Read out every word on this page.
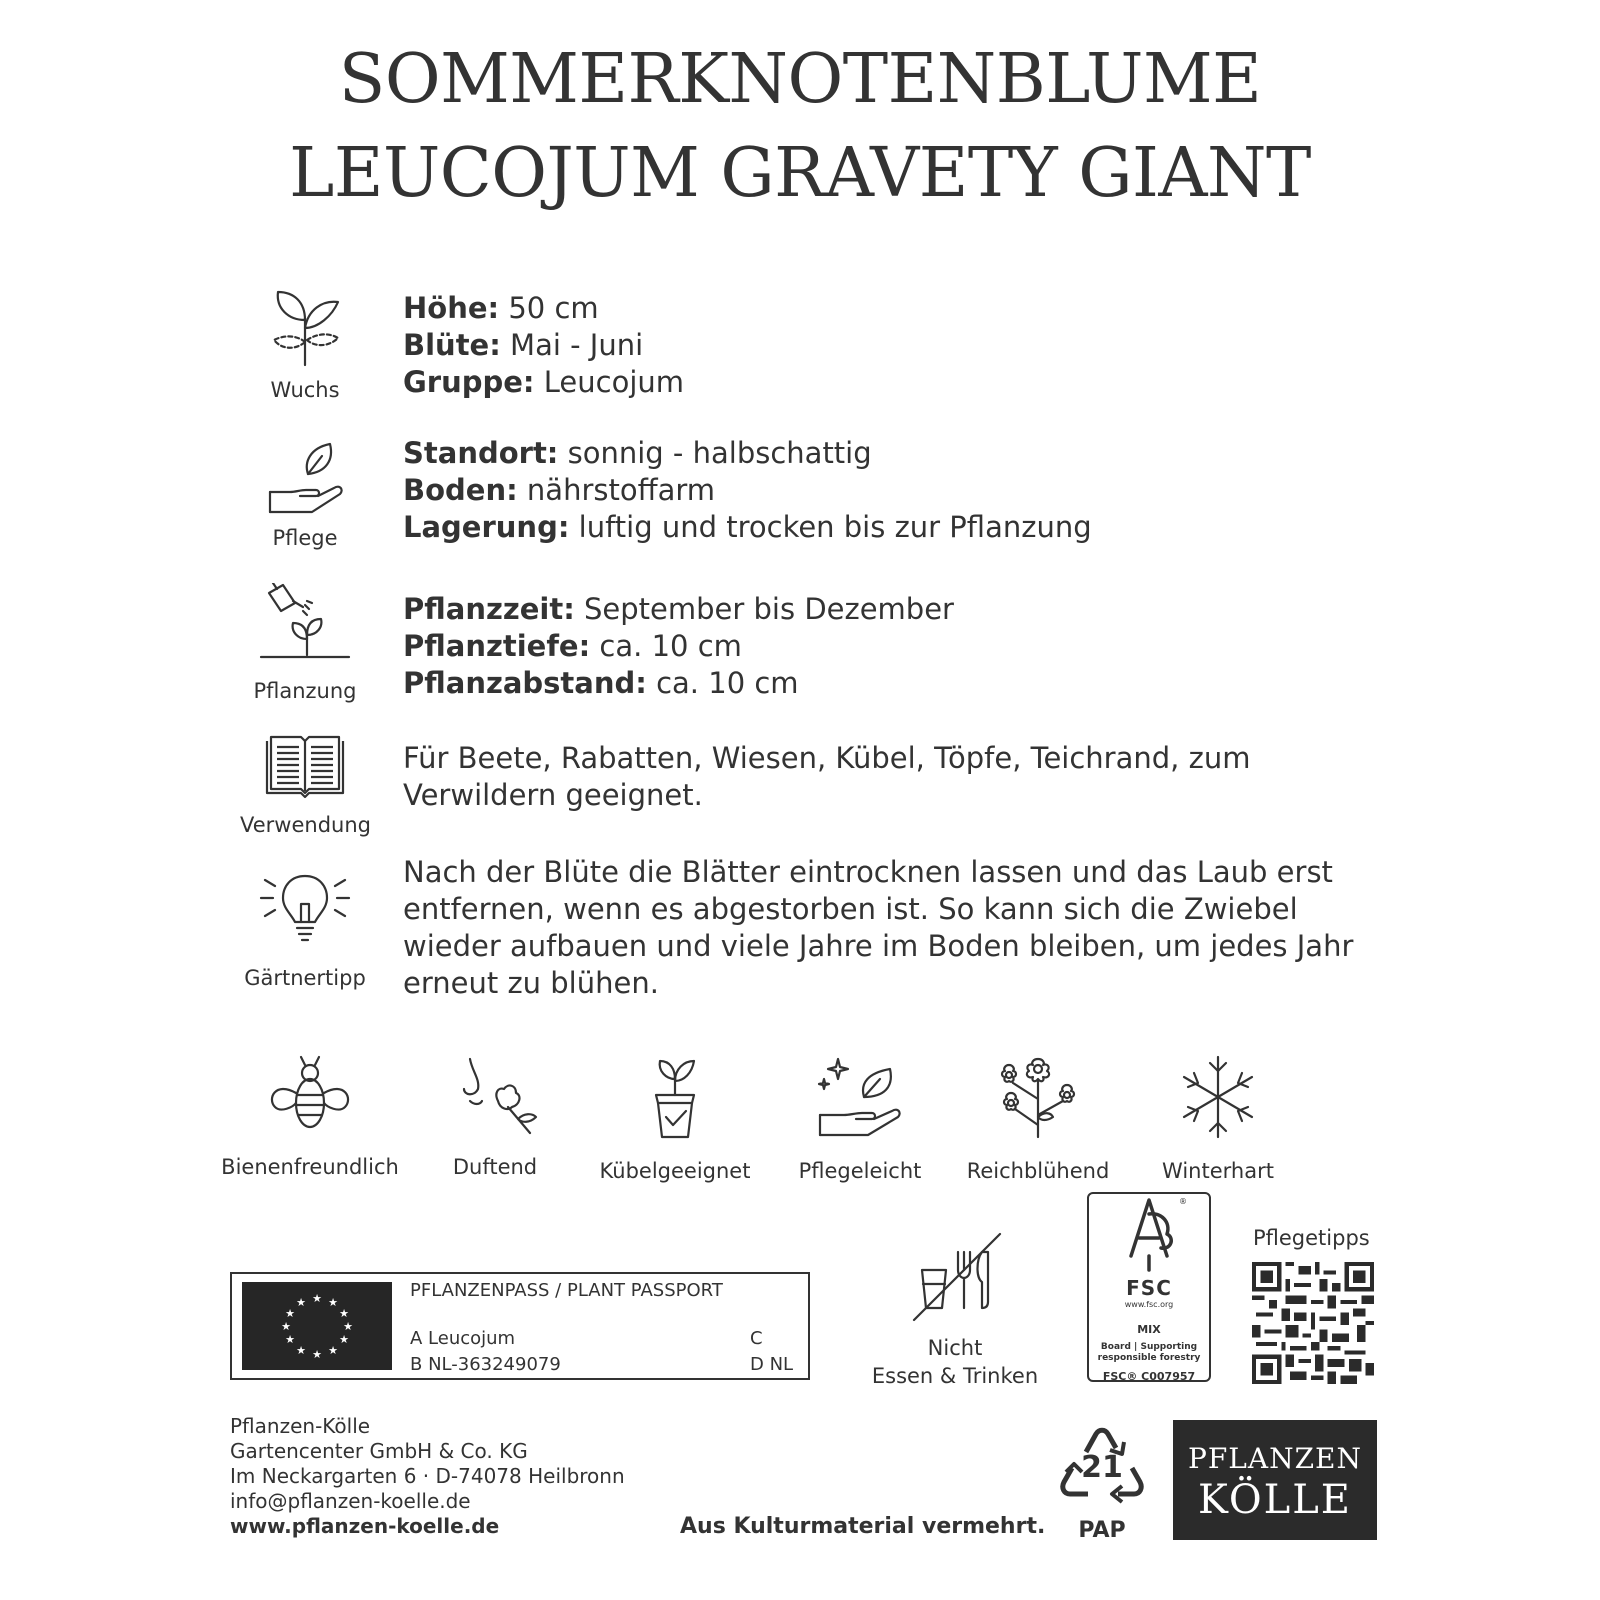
SOMMERKNOTENBLUME
LEUCOJUM GRAVETY GIANT
Wuchs
Höhe: 50 cm
Blüte: Mai - Juni
Gruppe: Leucojum
Pflege
Standort: sonnig - halbschattig
Boden: nährstoffarm
Lagerung: luftig und trocken bis zur Pflanzung
Pflanzung
Pflanzzeit: September bis Dezember
Pflanztiefe: ca. 10 cm
Pflanzabstand: ca. 10 cm
Verwendung
Für Beete, Rabatten, Wiesen, Kübel, Töpfe, Teichrand, zum Verwildern geeignet.
Gärtnertipp
Nach der Blüte die Blätter eintrocknen lassen und das Laub erst entfernen, wenn es abgestorben ist. So kann sich die Zwiebel wieder aufbauen und viele Jahre im Boden bleiben, um jedes Jahr erneut zu blühen.
Bienenfreundlich	Duftend	Kübelgeeignet	Pflegeleicht	Reichblühend	Winterhart
★ ★
★
★
★
★
★
★
★
★
★
★
PFLANZENPASS / PLANT PASSPORT
A Leucojum
B NL-363249079
C
D NL
Nicht
Essen & Trinken
®
FSC
www.fsc.org
MIX
Board | Supporting
responsible forestry
FSC® C007957
Pflegetipps
Pflanzen-Kölle
Gartencenter GmbH & Co. KG
Im Neckargarten 6 · D-74078 Heilbronn
info@pflanzen-koelle.de
www.pflanzen-koelle.de	Aus Kulturmaterial vermehrt.
21
PAP
PFLANZEN
KÖLLE
